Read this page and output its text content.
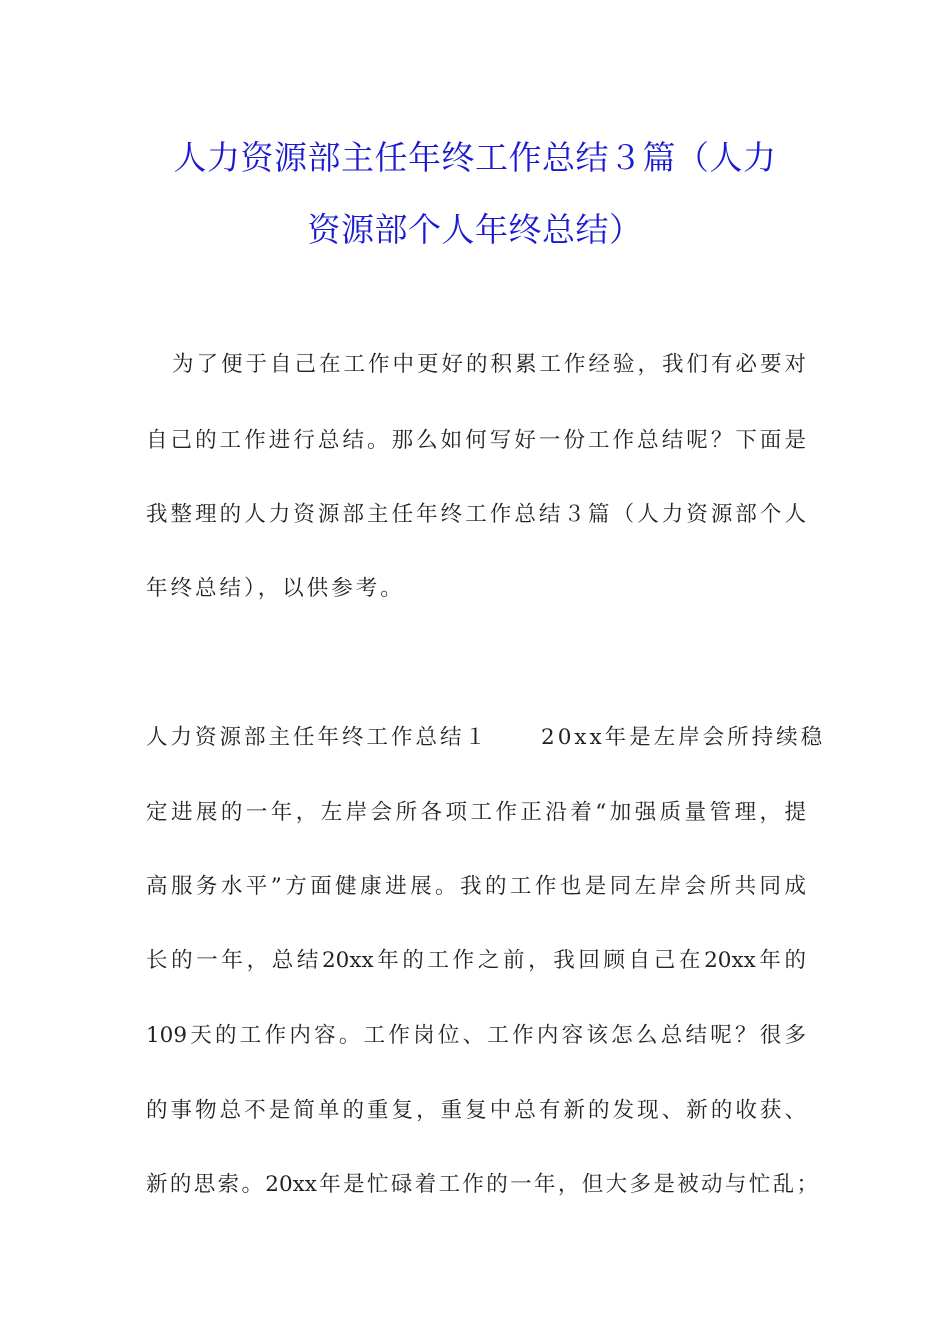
人力资源部主任年终工作总结３篇（人力
资源部个人年终总结）
为了便于自己在工作中更好的积累工作经验，我们有必要对
自己的工作进行总结。那么如何写好一份工作总结呢？下面是
我整理的人力资源部主任年终工作总结３篇（人力资源部个人
年终总结），以供参考。
人力资源部主任年终工作总结１ 20xx年是左岸会所持续稳
定进展的一年，左岸会所各项工作正沿着“加强质量管理，提
高服务水平”方面健康进展。我的工作也是同左岸会所共同成
长的一年，总结20xx年的工作之前，我回顾自己在20xx年的
109天的工作内容。工作岗位、工作内容该怎么总结呢？很多
的事物总不是简单的重复，重复中总有新的发现、新的收获、
新的思索。20xx年是忙碌着工作的一年，但大多是被动与忙乱；
